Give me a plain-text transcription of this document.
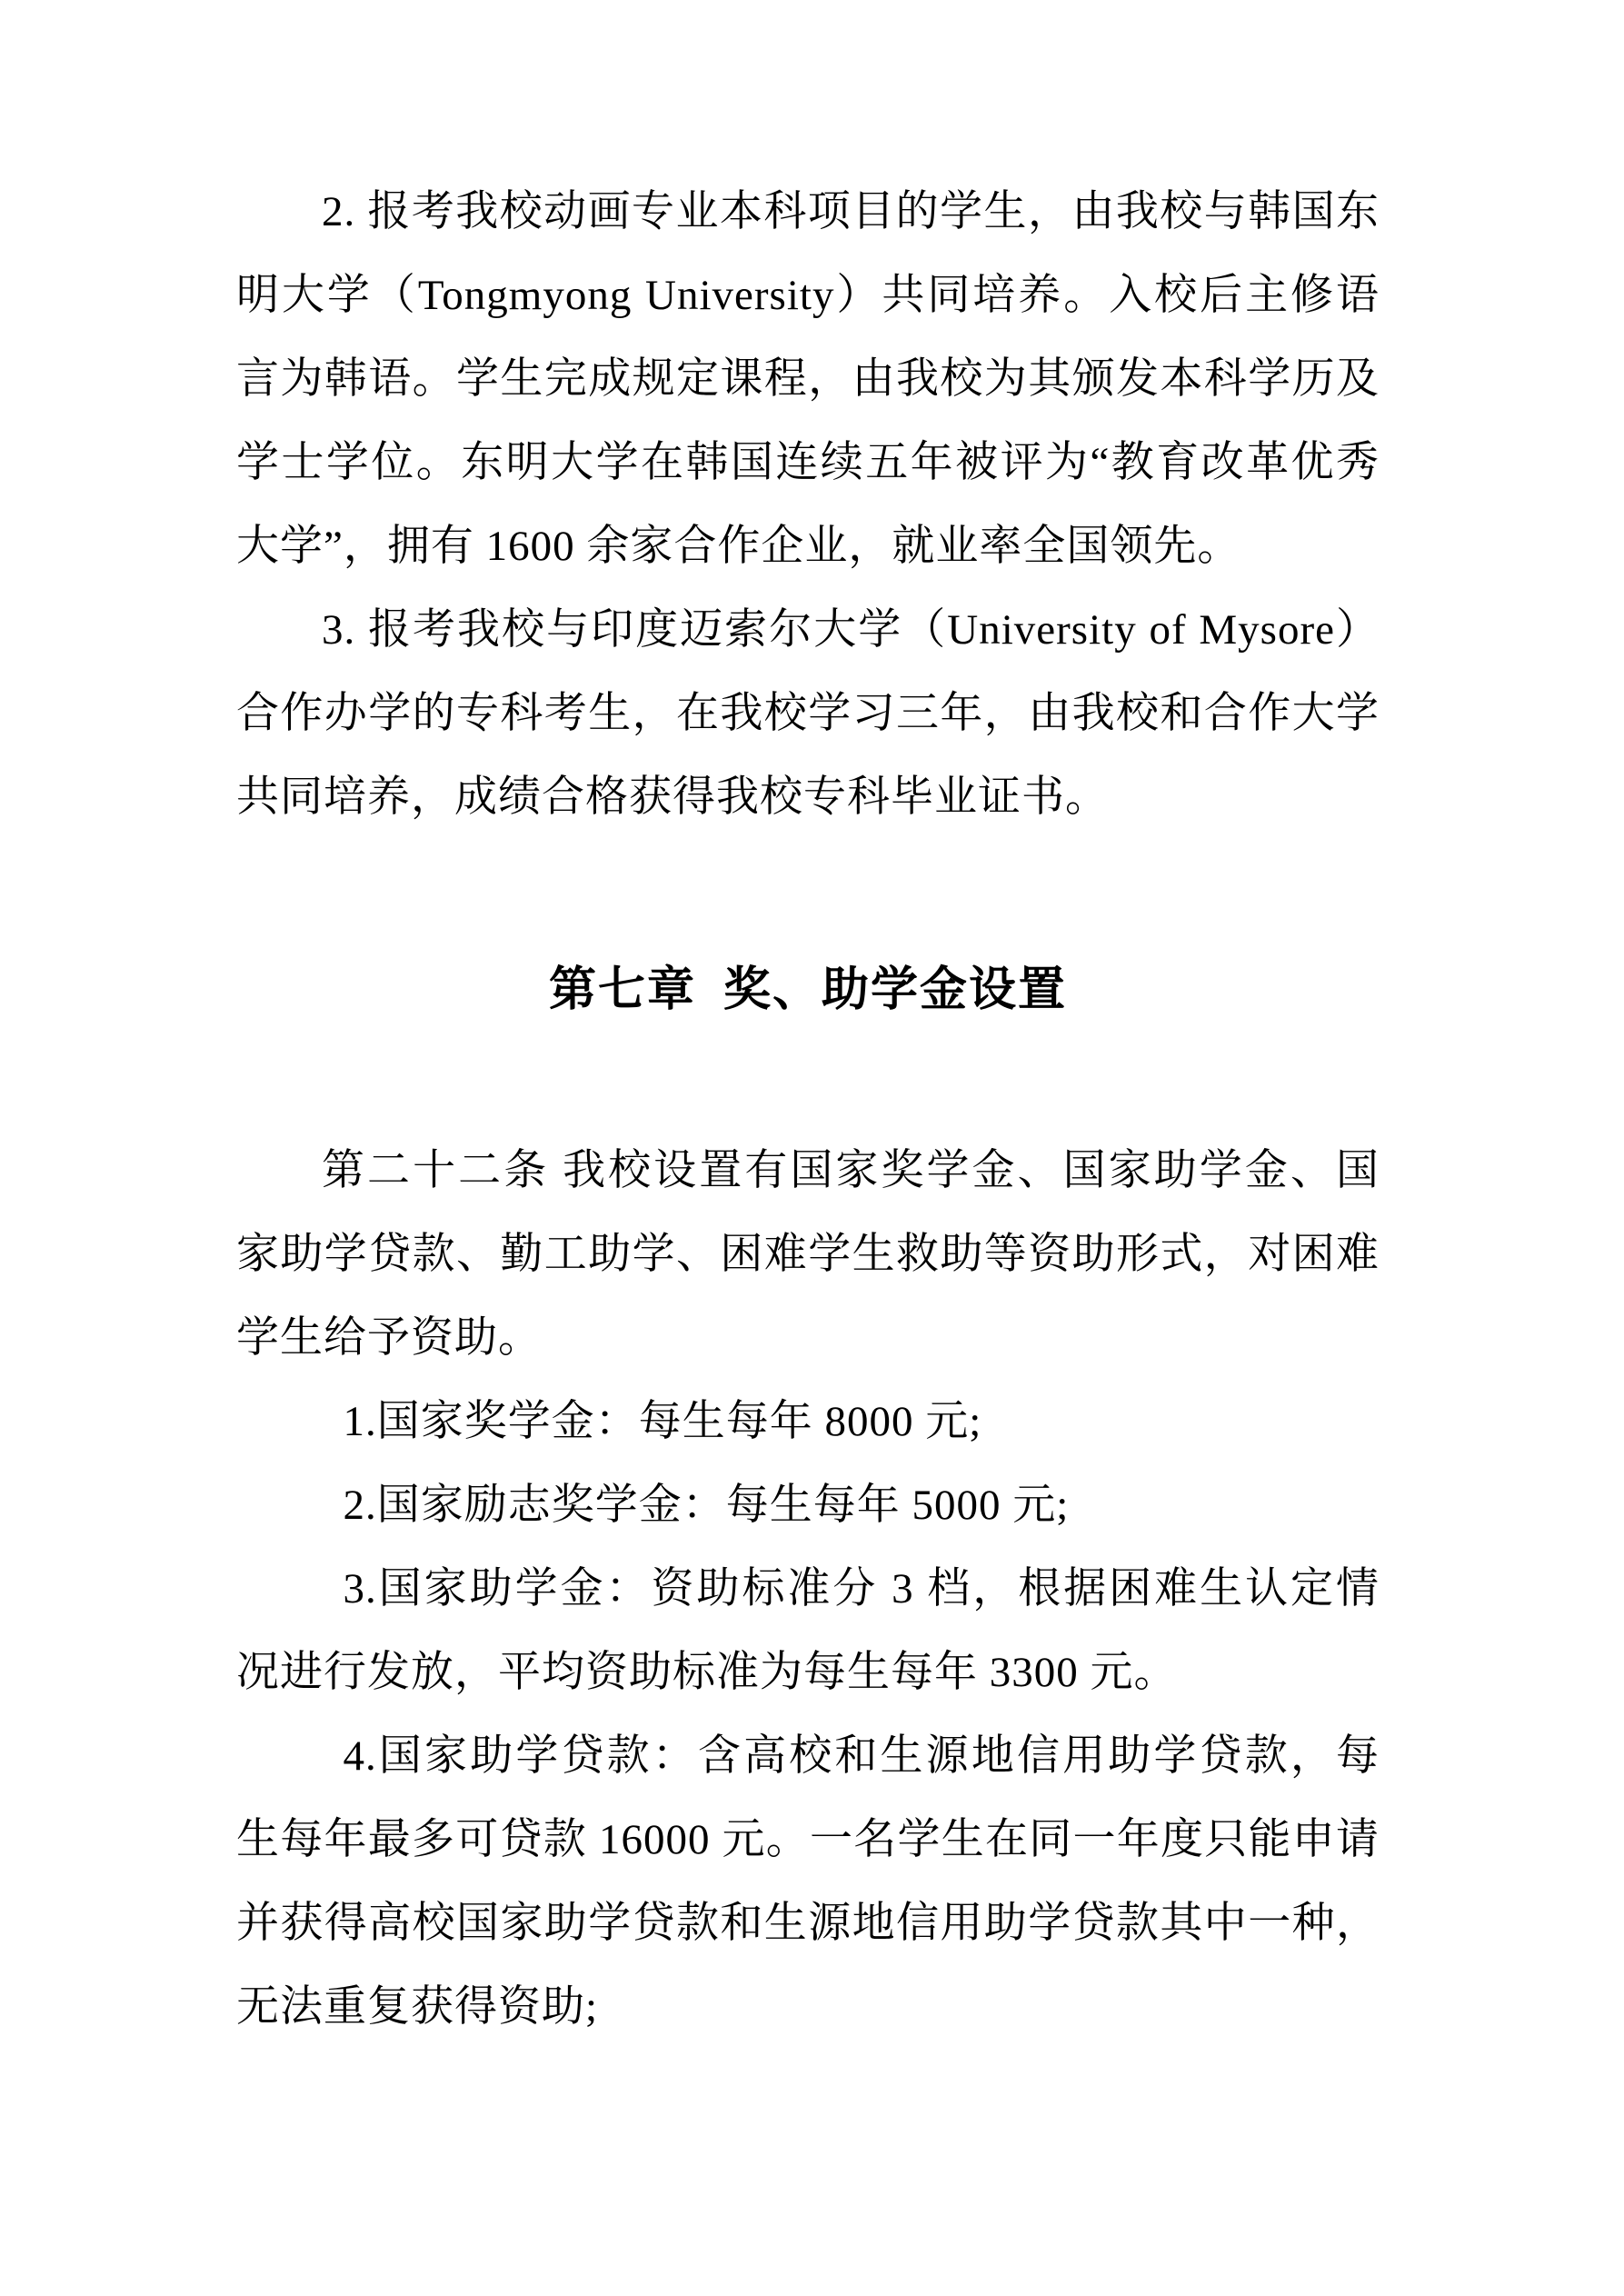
2. 报考我校动画专业本科项目的学生，由我校与韩国东明大学（Tongmyong University）共同培养。入校后主修语言为韩语。学生完成规定课程，由我校为其颁发本科学历及学士学位。东明大学在韩国连续五年被评为“教育改革优秀大学”，拥有 1600 余家合作企业，就业率全国领先。

3. 报考我校与印度迈索尔大学（University of Mysore）合作办学的专科考生，在我校学习三年，由我校和合作大学共同培养，成绩合格获得我校专科毕业证书。

第七章  奖、助学金设置

第二十二条 我校设置有国家奖学金、国家助学金、国家助学贷款、勤工助学、困难学生救助等资助形式，对困难学生给予资助。

1.国家奖学金：每生每年 8000 元;

2.国家励志奖学金：每生每年 5000 元;

3.国家助学金：资助标准分 3 档，根据困难生认定情况进行发放，平均资助标准为每生每年 3300 元。

4.国家助学贷款：含高校和生源地信用助学贷款，每生每年最多可贷款 16000 元。一名学生在同一年度只能申请并获得高校国家助学贷款和生源地信用助学贷款其中一种，无法重复获得资助;
